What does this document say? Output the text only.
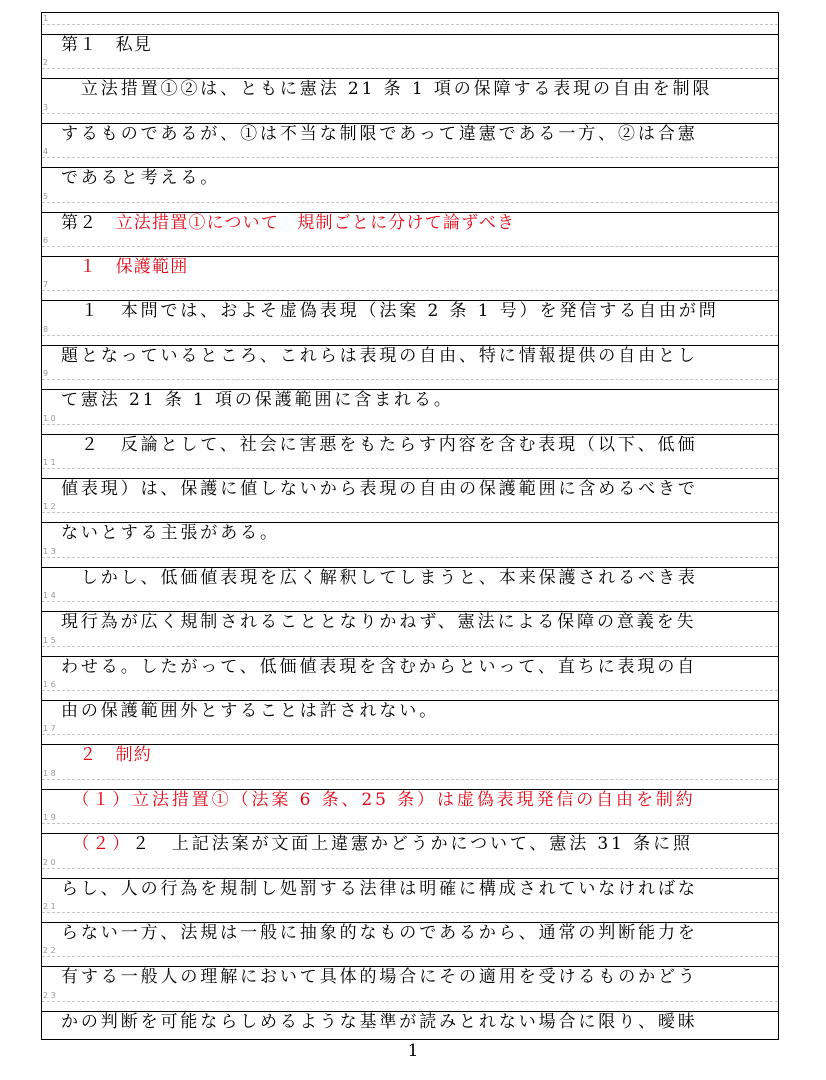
1
第１　私見
2
　立法措置①②は、ともに憲法 21 条 1 項の保障する表現の自由を制限
3
するものであるが、①は不当な制限であって違憲である一方、②は合憲
4
であると考える。
5
第２　立法措置①について　規制ごとに分けて論ずべき
6
　１　保護範囲
7
　１　本問では、およそ虚偽表現（法案 2 条 1 号）を発信する自由が問
8
題となっているところ、これらは表現の自由、特に情報提供の自由とし
9
て憲法 21 条 1 項の保護範囲に含まれる。
1 0
　２　反論として、社会に害悪をもたらす内容を含む表現（以下、低価
1 1
値表現）は、保護に値しないから表現の自由の保護範囲に含めるべきで
1 2
ないとする主張がある。
1 3
　しかし、低価値表現を広く解釈してしまうと、本来保護されるべき表
1 4
現行為が広く規制されることとなりかねず、憲法による保障の意義を失
1 5
わせる。したがって、低価値表現を含むからといって、直ちに表現の自
1 6
由の保護範囲外とすることは許されない。
1 7
　２　制約
1 8
　（１）立法措置①（法案 6 条、25 条）は虚偽表現発信の自由を制約
1 9
　（２）２　上記法案が文面上違憲かどうかについて、憲法 31 条に照
2 0
らし、人の行為を規制し処罰する法律は明確に構成されていなければな
2 1
らない一方、法規は一般に抽象的なものであるから、通常の判断能力を
2 2
有する一般人の理解において具体的場合にその適用を受けるものかどう
2 3
かの判断を可能ならしめるような基準が読みとれない場合に限り、曖昧
1
